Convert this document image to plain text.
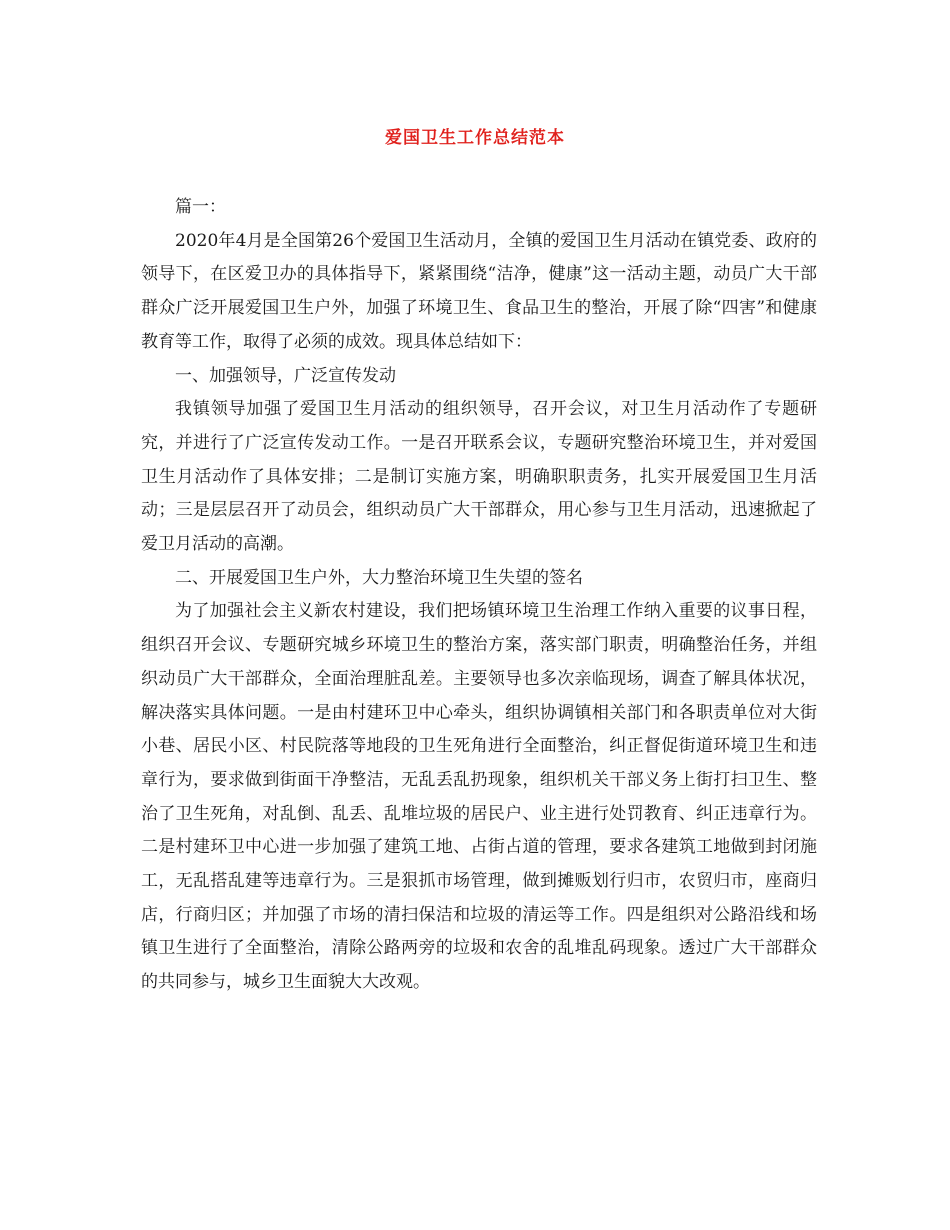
爱国卫生工作总结范本

篇一：

2020年4月是全国第26个爱国卫生活动月，全镇的爱国卫生月活动在镇党委、政府的领导下，在区爱卫办的具体指导下，紧紧围绕“洁净，健康”这一活动主题，动员广大干部群众广泛开展爱国卫生户外，加强了环境卫生、食品卫生的整治，开展了除“四害”和健康教育等工作，取得了必须的成效。现具体总结如下：

一、加强领导，广泛宣传发动

我镇领导加强了爱国卫生月活动的组织领导，召开会议，对卫生月活动作了专题研究，并进行了广泛宣传发动工作。一是召开联系会议，专题研究整治环境卫生，并对爱国卫生月活动作了具体安排；二是制订实施方案，明确职职责务，扎实开展爱国卫生月活动；三是层层召开了动员会，组织动员广大干部群众，用心参与卫生月活动，迅速掀起了爱卫月活动的高潮。

二、开展爱国卫生户外，大力整治环境卫生失望的签名

为了加强社会主义新农村建设，我们把场镇环境卫生治理工作纳入重要的议事日程，组织召开会议、专题研究城乡环境卫生的整治方案，落实部门职责，明确整治任务，并组织动员广大干部群众，全面治理脏乱差。主要领导也多次亲临现场，调查了解具体状况，解决落实具体问题。一是由村建环卫中心牵头，组织协调镇相关部门和各职责单位对大街小巷、居民小区、村民院落等地段的卫生死角进行全面整治，纠正督促街道环境卫生和违章行为，要求做到街面干净整洁，无乱丢乱扔现象，组织机关干部义务上街打扫卫生、整治了卫生死角，对乱倒、乱丢、乱堆垃圾的居民户、业主进行处罚教育、纠正违章行为。二是村建环卫中心进一步加强了建筑工地、占街占道的管理，要求各建筑工地做到封闭施工，无乱搭乱建等违章行为。三是狠抓市场管理，做到摊贩划行归市，农贸归市，座商归店，行商归区；并加强了市场的清扫保洁和垃圾的清运等工作。四是组织对公路沿线和场镇卫生进行了全面整治，清除公路两旁的垃圾和农舍的乱堆乱码现象。透过广大干部群众的共同参与，城乡卫生面貌大大改观。
